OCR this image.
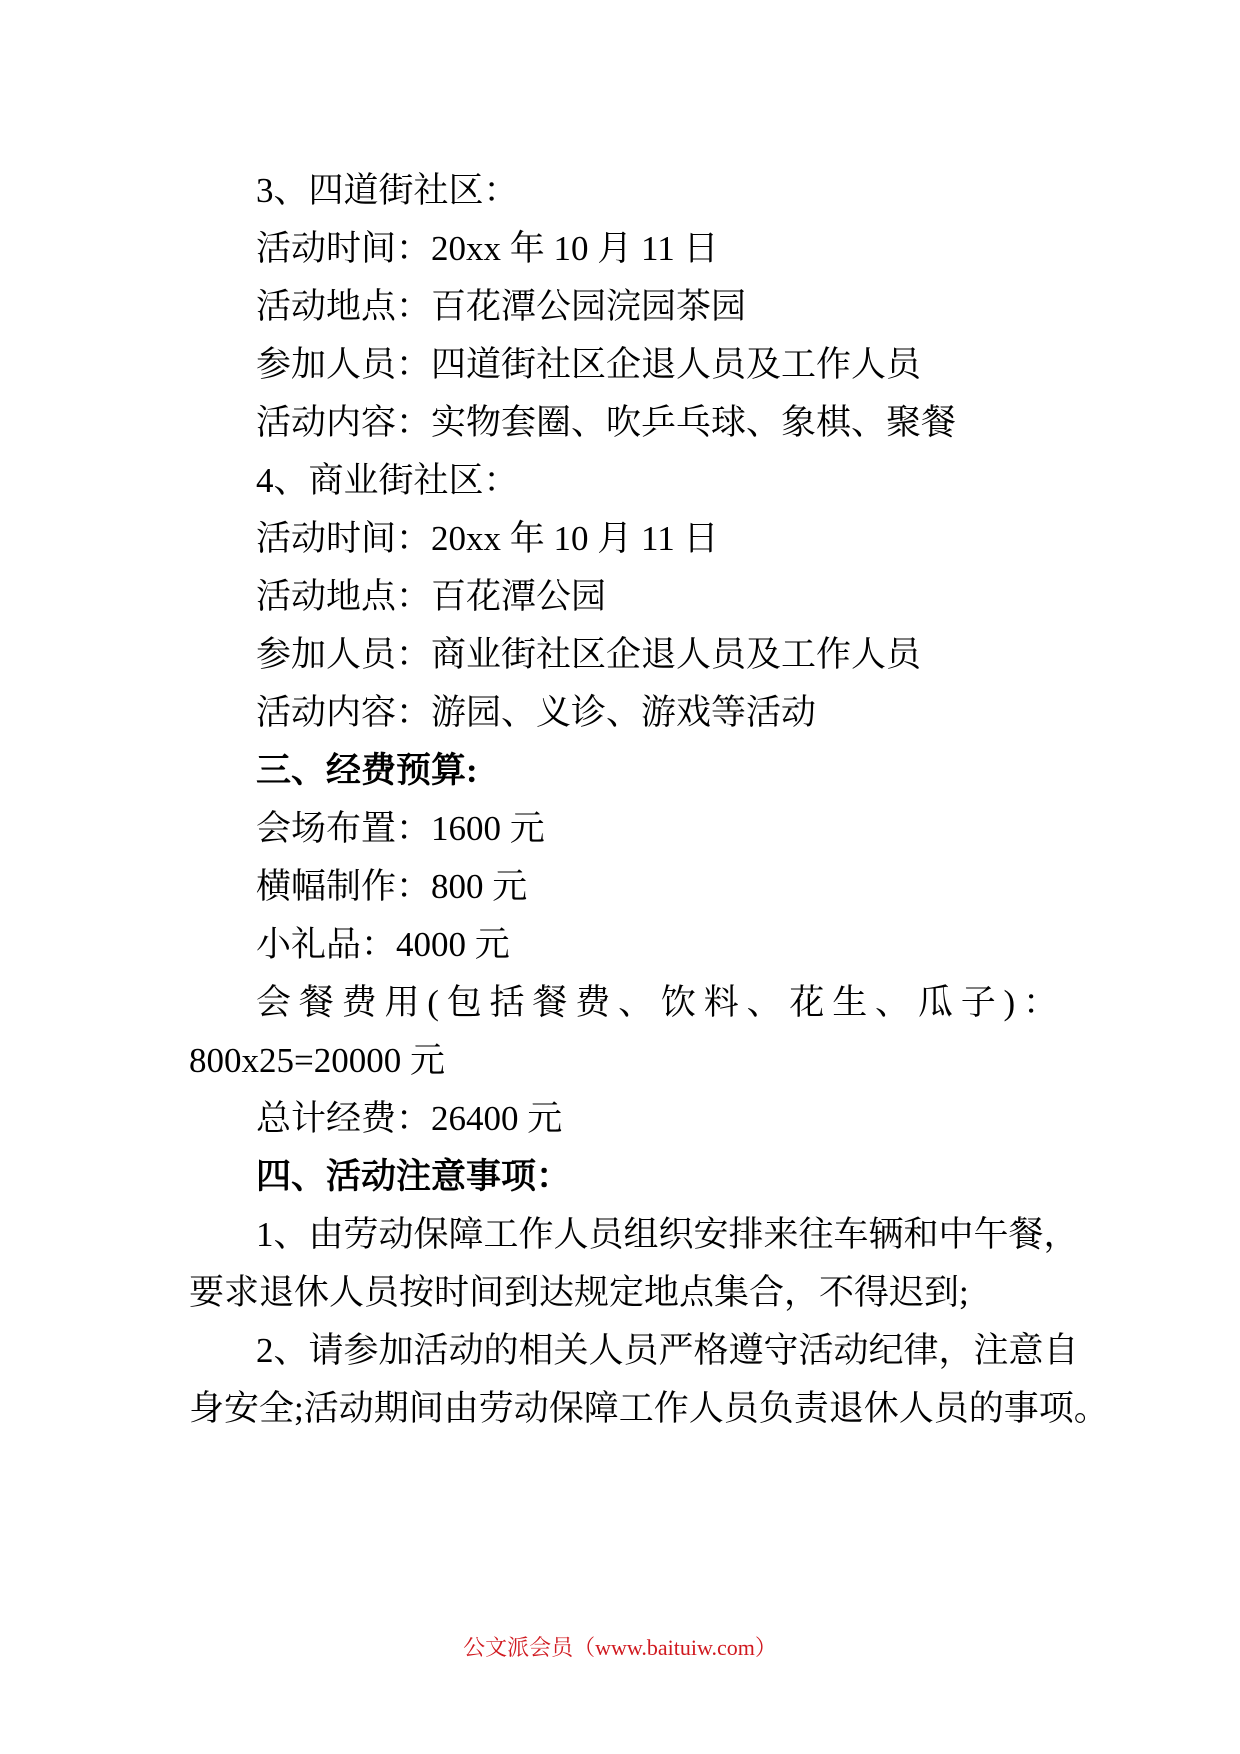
3、四道街社区：
活动时间：20xx 年 10 月 11 日
活动地点：百花潭公园浣园茶园
参加人员：四道街社区企退人员及工作人员
活动内容：实物套圈、吹乒乓球、象棋、聚餐
4、商业街社区：
活动时间：20xx 年 10 月 11 日
活动地点：百花潭公园
参加人员：商业街社区企退人员及工作人员
活动内容：游园、义诊、游戏等活动
三、经费预算:
会场布置：1600 元
横幅制作：800 元
小礼品：4000 元
会餐费用(包括餐费、饮料、花生、瓜子)：
800x25=20000 元
总计经费：26400 元
四、活动注意事项：
1、由劳动保障工作人员组织安排来往车辆和中午餐，
要求退休人员按时间到达规定地点集合，不得迟到;
2、请参加活动的相关人员严格遵守活动纪律，注意自
身安全;活动期间由劳动保障工作人员负责退休人员的事项。
公文派会员（www.baituiw.com）
